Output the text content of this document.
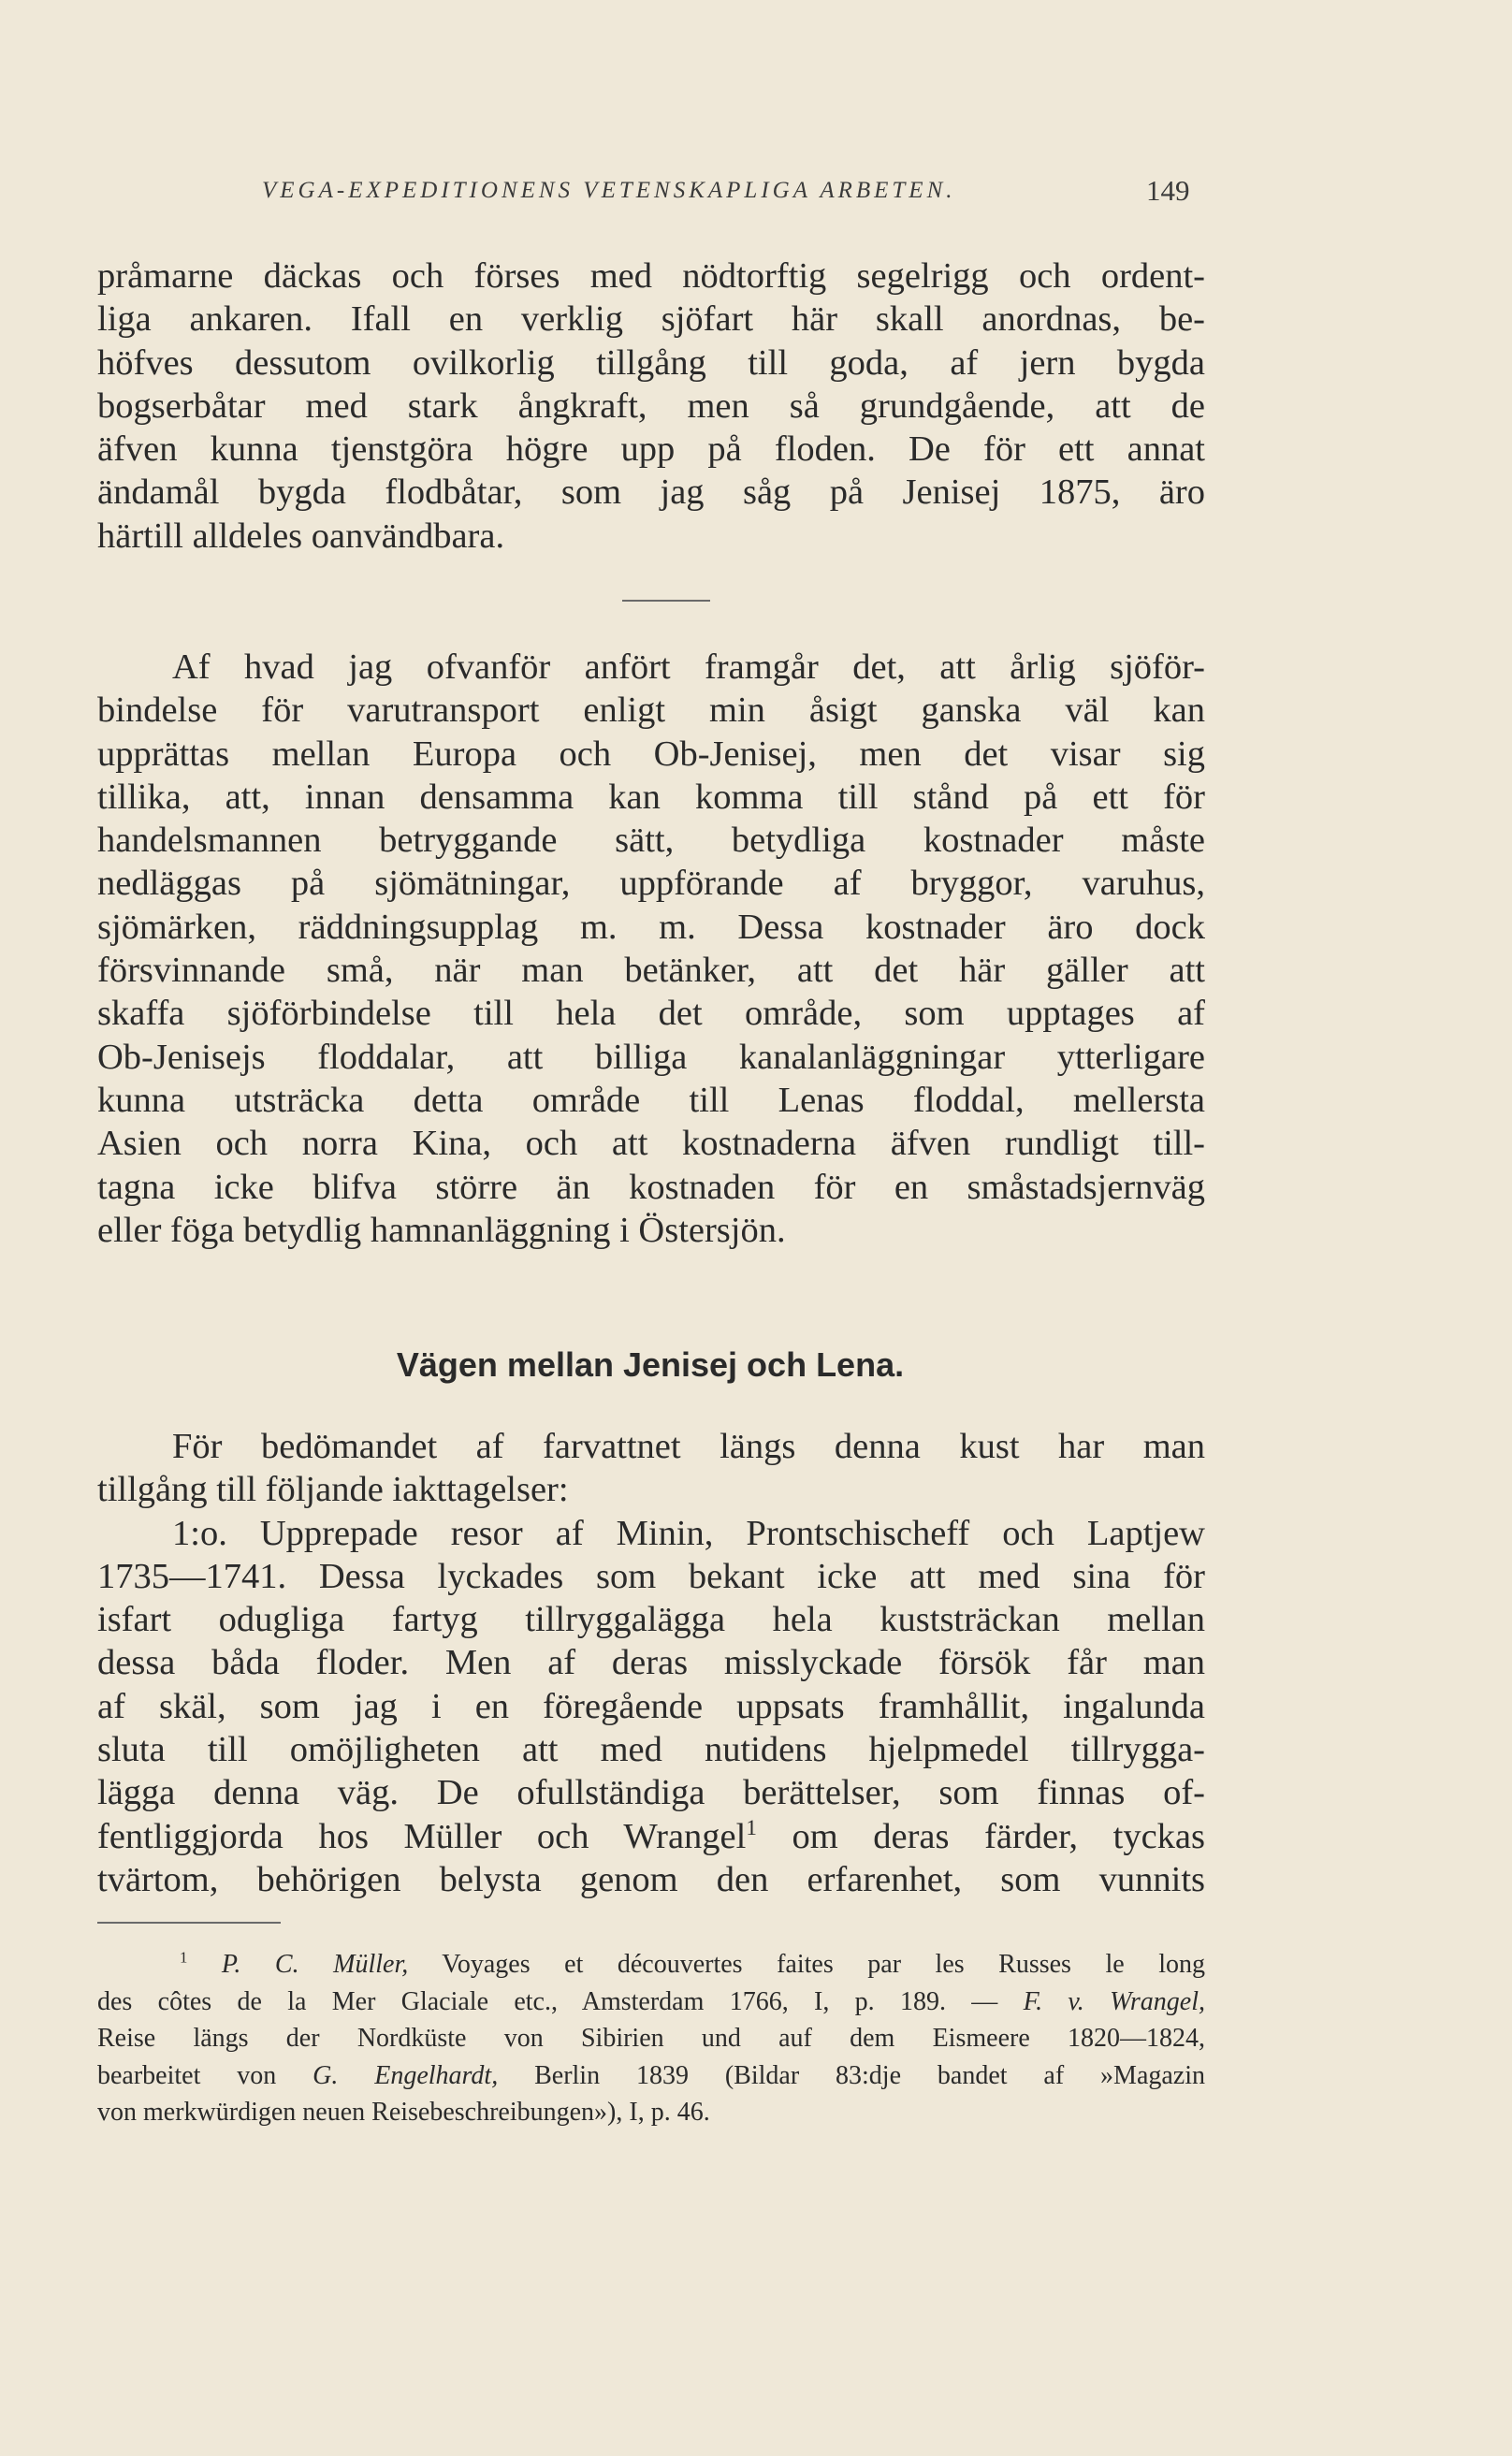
VEGA-EXPEDITIONENS VETENSKAPLIGA ARBETEN.	149
pråmarne däckas och förses med nödtorftig segelrigg och ordent-
liga ankaren. Ifall en verklig sjöfart här skall anordnas, be-
höfves dessutom ovilkorlig tillgång till goda, af jern bygda
bogserbåtar med stark ångkraft, men så grundgående, att de
äfven kunna tjenstgöra högre upp på floden. De för ett annat
ändamål bygda flodbåtar, som jag såg på Jenisej 1875, äro
härtill alldeles oanvändbara.
Af hvad jag ofvanför anfört framgår det, att årlig sjöför-
bindelse för varutransport enligt min åsigt ganska väl kan
upprättas mellan Europa och Ob-Jenisej, men det visar sig
tillika, att, innan densamma kan komma till stånd på ett för
handelsmannen betryggande sätt, betydliga kostnader måste
nedläggas på sjömätningar, uppförande af bryggor, varuhus,
sjömärken, räddningsupplag m. m. Dessa kostnader äro dock
försvinnande små, när man betänker, att det här gäller att
skaffa sjöförbindelse till hela det område, som upptages af
Ob-Jenisejs floddalar, att billiga kanalanläggningar ytterligare
kunna utsträcka detta område till Lenas floddal, mellersta
Asien och norra Kina, och att kostnaderna äfven rundligt till-
tagna icke blifva större än kostnaden för en småstadsjernväg
eller föga betydlig hamnanläggning i Östersjön.
Vägen mellan Jenisej och Lena.
För bedömandet af farvattnet längs denna kust har man
tillgång till följande iakttagelser:
1:o. Upprepade resor af Minin, Prontschischeff och Laptjew
1735—1741. Dessa lyckades som bekant icke att med sina för
isfart odugliga fartyg tillryggalägga hela kuststräckan mellan
dessa båda floder. Men af deras misslyckade försök får man
af skäl, som jag i en föregående uppsats framhållit, ingalunda
sluta till omöjligheten att med nutidens hjelpmedel tillrygga-
lägga denna väg. De ofullständiga berättelser, som finnas of-
fentliggjorda hos Müller och Wrangel$^1$ om deras färder, tyckas
tvärtom, behörigen belysta genom den erfarenhet, som vunnits
$^1$ P. C. Müller, Voyages et découvertes faites par les Russes le long
des côtes de la Mer Glaciale etc., Amsterdam 1766, I, p. 189. — F. v. Wrangel,
Reise längs der Nordküste von Sibirien und auf dem Eismeere 1820—1824,
bearbeitet von G. Engelhardt, Berlin 1839 (Bildar 83:dje bandet af »Magazin
von merkwürdigen neuen Reisebeschreibungen»), I, p. 46.
